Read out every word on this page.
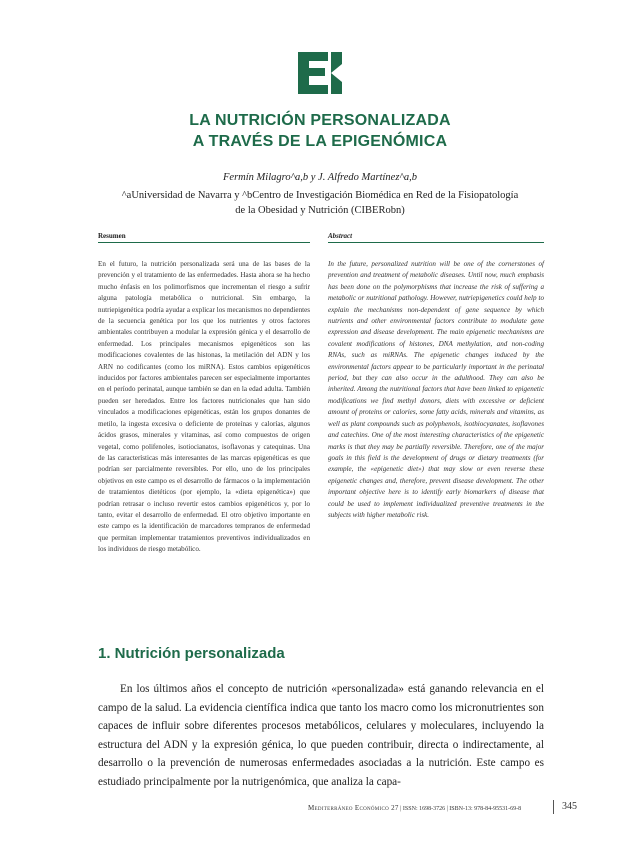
LA NUTRICIÓN PERSONALIZADA
A TRAVÉS DE LA EPIGENÓMICA
Fermín Milagro^a,b y J. Alfredo Martínez^a,b
^aUniversidad de Navarra y ^bCentro de Investigación Biomédica en Red de la Fisiopatología
de la Obesidad y Nutrición (CIBERobn)
Resumen	Abstract
En el futuro, la nutrición personalizada será una de las bases de la prevención y el tratamiento de las enfermedades. Hasta ahora se ha hecho mucho énfasis en los polimorfismos que incrementan el riesgo a sufrir alguna patología metabólica o nutricional. Sin embargo, la nutriepigenética podría ayudar a explicar los mecanismos no dependientes de la secuencia genética por los que los nutrientes y otros factores ambientales contribuyen a modular la expresión génica y el desarrollo de enfermedad. Los principales mecanismos epigenéticos son las modificaciones covalentes de las histonas, la metilación del ADN y los ARN no codificantes (como los miRNA). Estos cambios epigenéticos inducidos por factores ambientales parecen ser especialmente importantes en el período perinatal, aunque también se dan en la edad adulta. También pueden ser heredados. Entre los factores nutricionales que han sido vinculados a modificaciones epigenéticas, están los grupos donantes de metilo, la ingesta excesiva o deficiente de proteínas y calorías, algunos ácidos grasos, minerales y vitaminas, así como compuestos de origen vegetal, como polifenoles, isotiocianatos, isoflavonas y catequinas. Una de las características más interesantes de las marcas epigenéticas es que podrían ser parcialmente reversibles. Por ello, uno de los principales objetivos en este campo es el desarrollo de fármacos o la implementación de tratamientos dietéticos (por ejemplo, la «dieta epigenética») que podrían retrasar o incluso revertir estos cambios epigenéticos y, por lo tanto, evitar el desarrollo de enfermedad. El otro objetivo importante en este campo es la identificación de marcadores tempranos de enfermedad que permitan implementar tratamientos preventivos individualizados en los individuos de riesgo metabólico.
In the future, personalized nutrition will be one of the cornerstones of prevention and treatment of metabolic diseases. Until now, much emphasis has been done on the polymorphisms that increase the risk of suffering a metabolic or nutritional pathology. However, nutriepigenetics could help to explain the mechanisms non-dependent of gene sequence by which nutrients and other environmental factors contribute to modulate gene expression and disease development. The main epigenetic mechanisms are covalent modifications of histones, DNA methylation, and non-coding RNAs, such as miRNAs. The epigenetic changes induced by the environmental factors appear to be particularly important in the perinatal period, but they can also occur in the adulthood. They can also be inherited. Among the nutritional factors that have been linked to epigenetic modifications we find methyl donors, diets with excessive or deficient amount of proteins or calories, some fatty acids, minerals and vitamins, as well as plant compounds such as polyphenols, isothiocyanates, isoflavones and catechins. One of the most interesting characteristics of the epigenetic marks is that they may be partially reversible. Therefore, one of the major goals in this field is the development of drugs or dietary treatments (for example, the «epigenetic diet») that may slow or even reverse these epigenetic changes and, therefore, prevent disease development. The other important objective here is to identify early biomarkers of disease that could be used to implement individualized preventive treatments in the subjects with higher metabolic risk.
1. Nutrición personalizada
En los últimos años el concepto de nutrición «personalizada» está ganando relevancia en el campo de la salud. La evidencia científica indica que tanto los macro como los micronutrientes son capaces de influir sobre diferentes procesos metabólicos, celulares y moleculares, incluyendo la estructura del ADN y la expresión génica, lo que pueden contribuir, directa o indirectamente, al desarrollo o la prevención de numerosas enfermedades asociadas a la nutrición. Este campo es estudiado principalmente por la nutrigenómica, que analiza la capa-
Mediterráneo Económico 27 | ISSN: 1698-3726 | ISBN-13: 978-84-95531-69-8	345
